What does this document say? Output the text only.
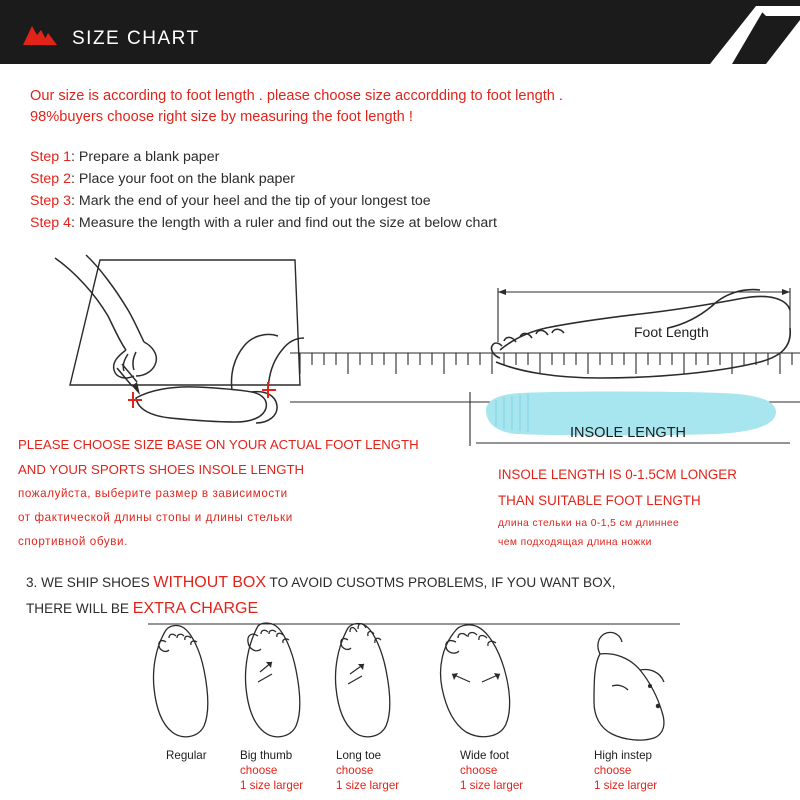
SIZE CHART
Our size is according to foot length . please choose size accordding to foot length .
98%buyers choose right size by measuring the foot length !
Step 1: Prepare a blank paper
Step 2: Place your foot on the blank paper
Step 3: Mark the end of your heel and the tip of your longest toe
Step 4: Measure the length with a ruler and find out the size at below chart
Foot Length
INSOLE LENGTH
PLEASE CHOOSE SIZE BASE ON YOUR ACTUAL FOOT LENGTH
AND YOUR SPORTS SHOES INSOLE LENGTH
пожалуйста, выберите размер в зависимости
от фактической длины стопы и длины стельки
спортивной обуви.
INSOLE LENGTH IS 0-1.5CM LONGER
THAN SUITABLE FOOT LENGTH
длина стельки на 0-1,5 см длиннее
чем подходящая длина ножки
3. WE SHIP SHOES WITHOUT BOX TO AVOID CUSOTMS PROBLEMS, IF YOU WANT BOX,
THERE WILL BE EXTRA CHARGE
Regular	Big thumb
choose
1 size larger
Long toe
choose
1 size larger
Wide foot
choose
1 size larger
High instep
choose
1 size larger
